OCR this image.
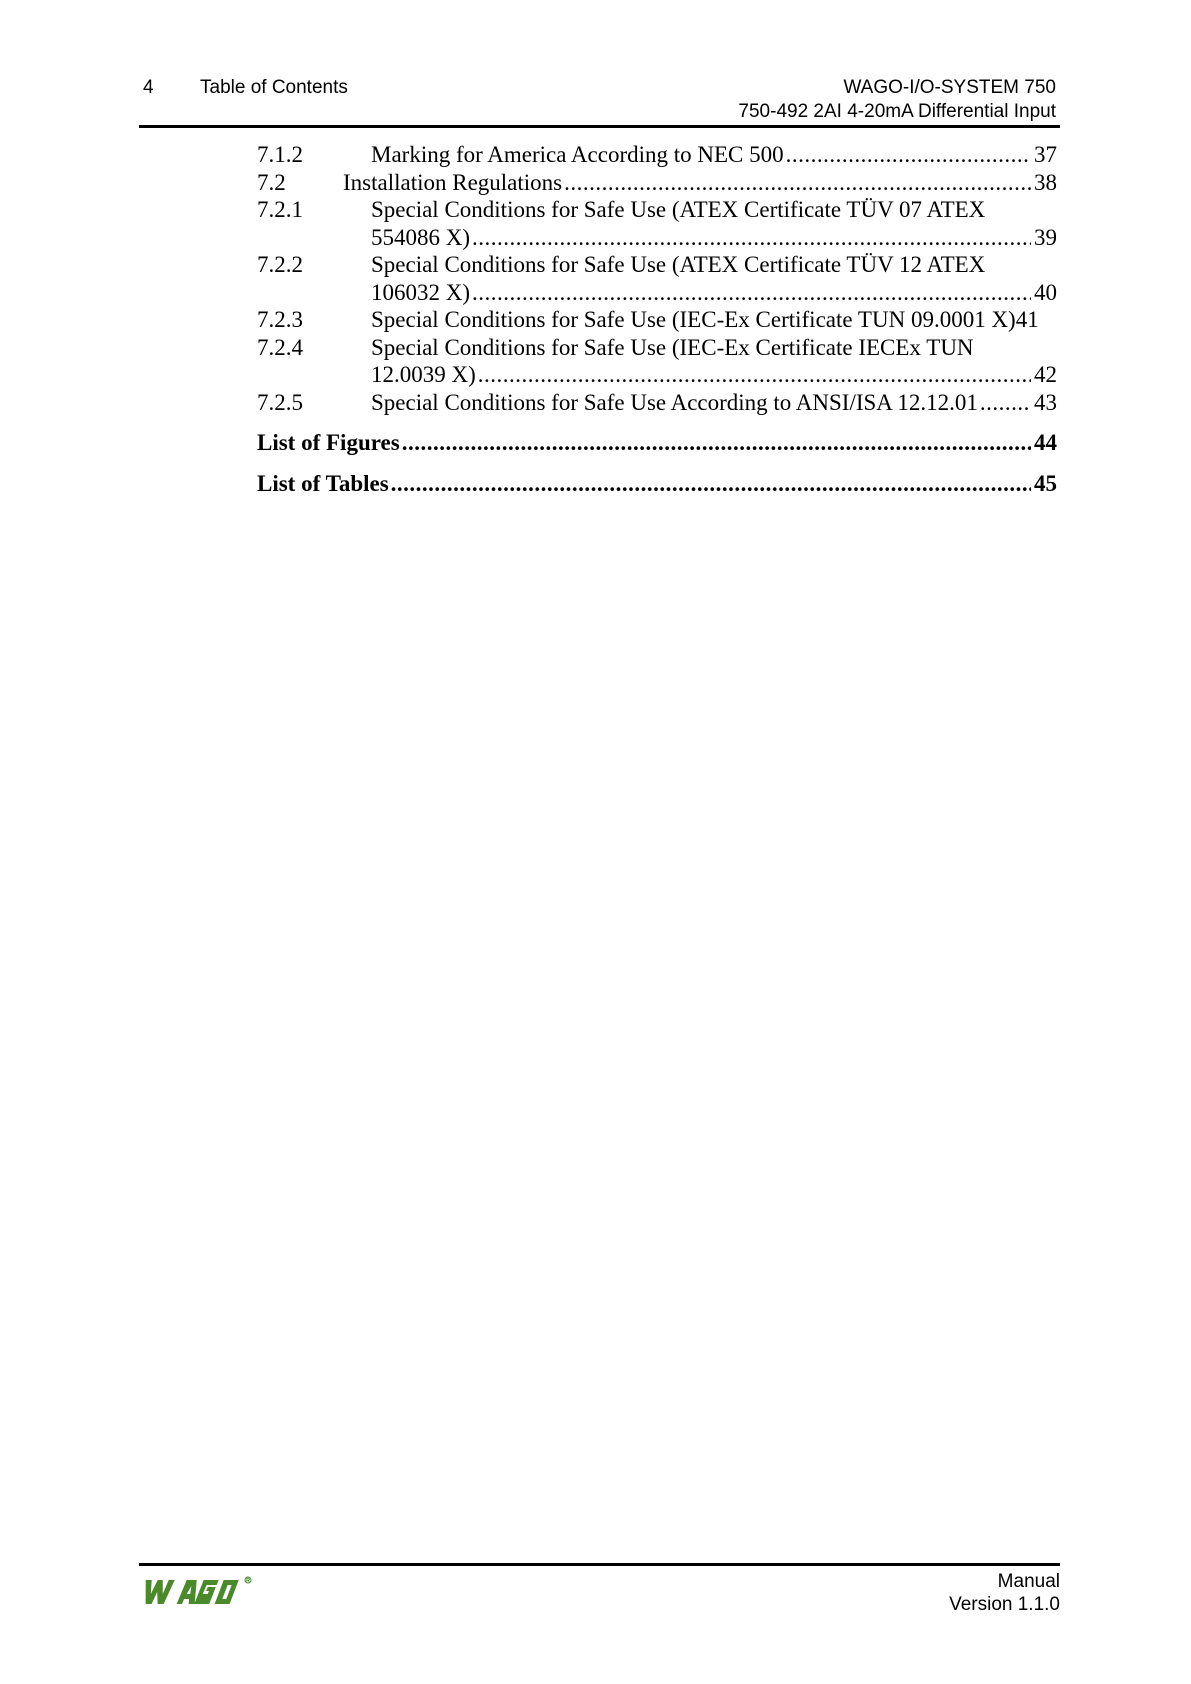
4 Table of Contents	WAGO-I/O-SYSTEM 750
750-492 2AI 4-20mA Differential Input
7.1.2	Marking for America According to NEC 500 .....	37
7.2 Installation Regulations .....	38
7.2.1	Special Conditions for Safe Use (ATEX Certificate TÜV 07 ATEX
554086 X) .....	39
7.2.2	Special Conditions for Safe Use (ATEX Certificate TÜV 12 ATEX
106032 X) .....	40
7.2.3	Special Conditions for Safe Use (IEC-Ex Certificate TUN 09.0001 X)41
7.2.4	Special Conditions for Safe Use (IEC-Ex Certificate IECEx TUN
12.0039 X) .....	42
7.2.5	Special Conditions for Safe Use According to ANSI/ISA 12.12.01 ..... 43
List of Figures .....	44
List of Tables .....	45
Manual
Version 1.1.0
